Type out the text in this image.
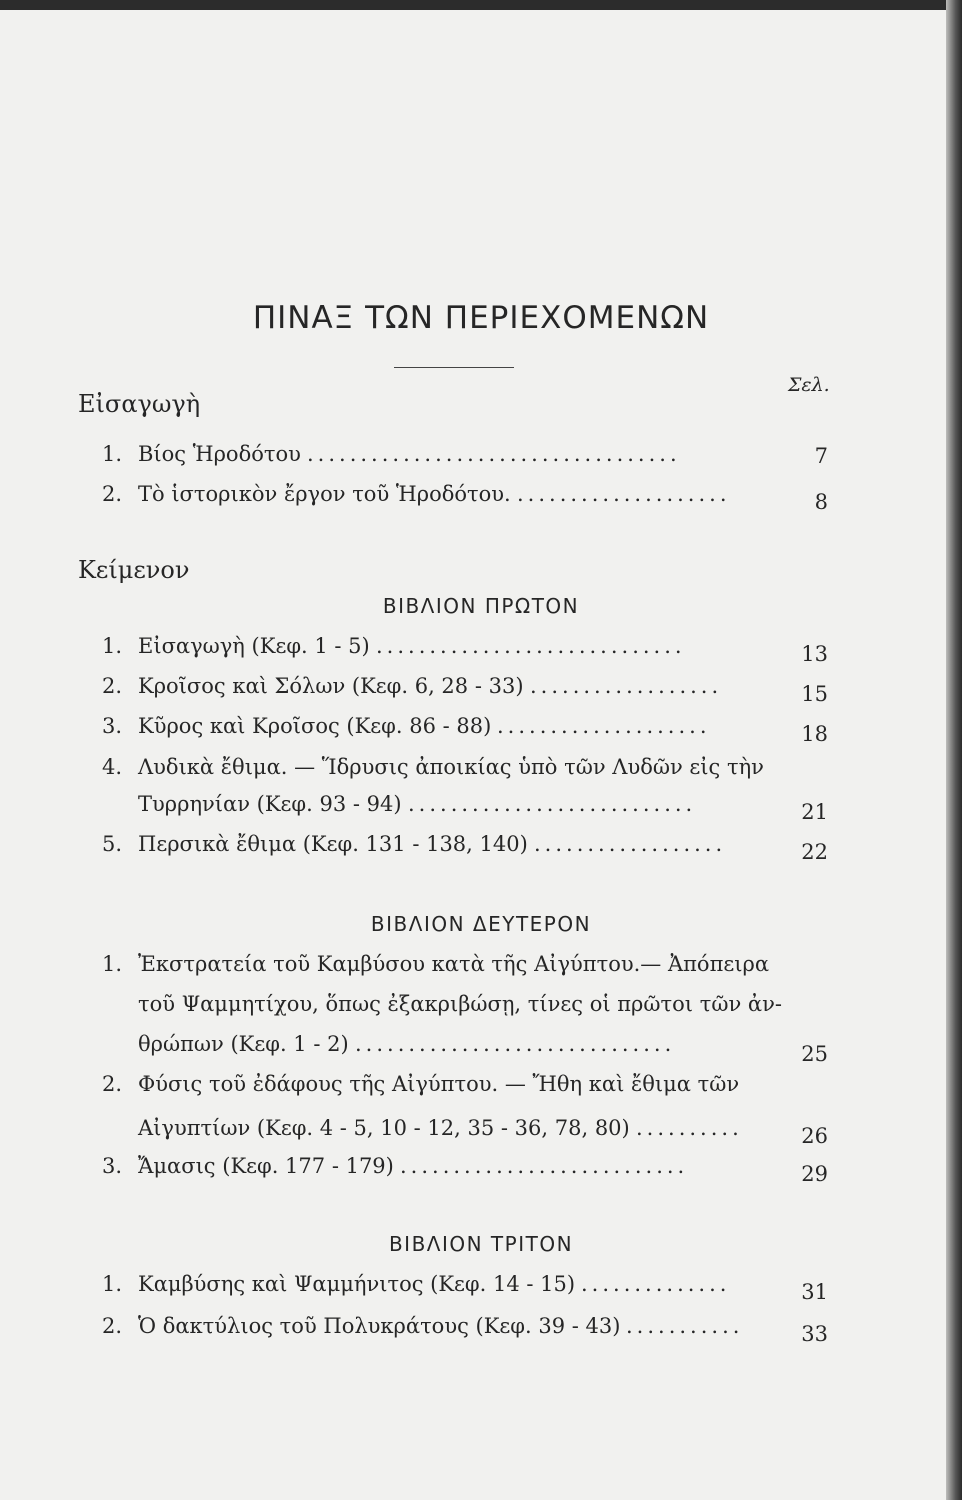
ΠΙΝΑΞ ΤΩΝ ΠΕΡΙΕΧΟΜΕΝΩΝ
Σελ.
Εἰσαγωγὴ
1. Βίος Ἡροδότου	7
...................................
2. Τὸ ἱστορικὸν ἔργον τοῦ Ἡροδότου.	8
....................
Κείμενον
ΒΙΒΛΙΟΝ ΠΡΩΤΟΝ
1. Εἰσαγωγὴ (Κεφ. 1 - 5)	13
.............................
2. Κροῖσος καὶ Σόλων (Κεφ. 6, 28 - 33)	15
..................
3. Κῦρος καὶ Κροῖσος (Κεφ. 86 - 88)	18
....................
4. Λυδικὰ ἔθιμα. — Ἵδρυσις ἀποικίας ὑπὸ τῶν Λυδῶν εἰς τὴν
Τυρρηνίαν (Κεφ. 93 - 94)	21
...........................
5. Περσικὰ ἔθιμα (Κεφ. 131 - 138, 140)	22
..................
ΒΙΒΛΙΟΝ ΔΕΥΤΕΡΟΝ
1. Ἐκστρατεία τοῦ Καμβύσου κατὰ τῆς Αἰγύπτου.— Ἀπόπειρα
τοῦ Ψαμμητίχου, ὅπως ἐξακριβώσῃ, τίνες οἱ πρῶτοι τῶν ἀν-
θρώπων (Κεφ. 1 - 2)	25
..............................
2. Φύσις τοῦ ἐδάφους τῆς Αἰγύπτου. — Ἤθη καὶ ἔθιμα τῶν
Αἰγυπτίων (Κεφ. 4 - 5, 10 - 12, 35 - 36, 78, 80)	26
..........
3. Ἄμασις (Κεφ. 177 - 179)	29
...........................
ΒΙΒΛΙΟΝ ΤΡΙΤΟΝ
1. Καμβύσης καὶ Ψαμμήνιτος (Κεφ. 14 - 15)	31
..............
2. Ὁ δακτύλιος τοῦ Πολυκράτους (Κεφ. 39 - 43)	33
...........
